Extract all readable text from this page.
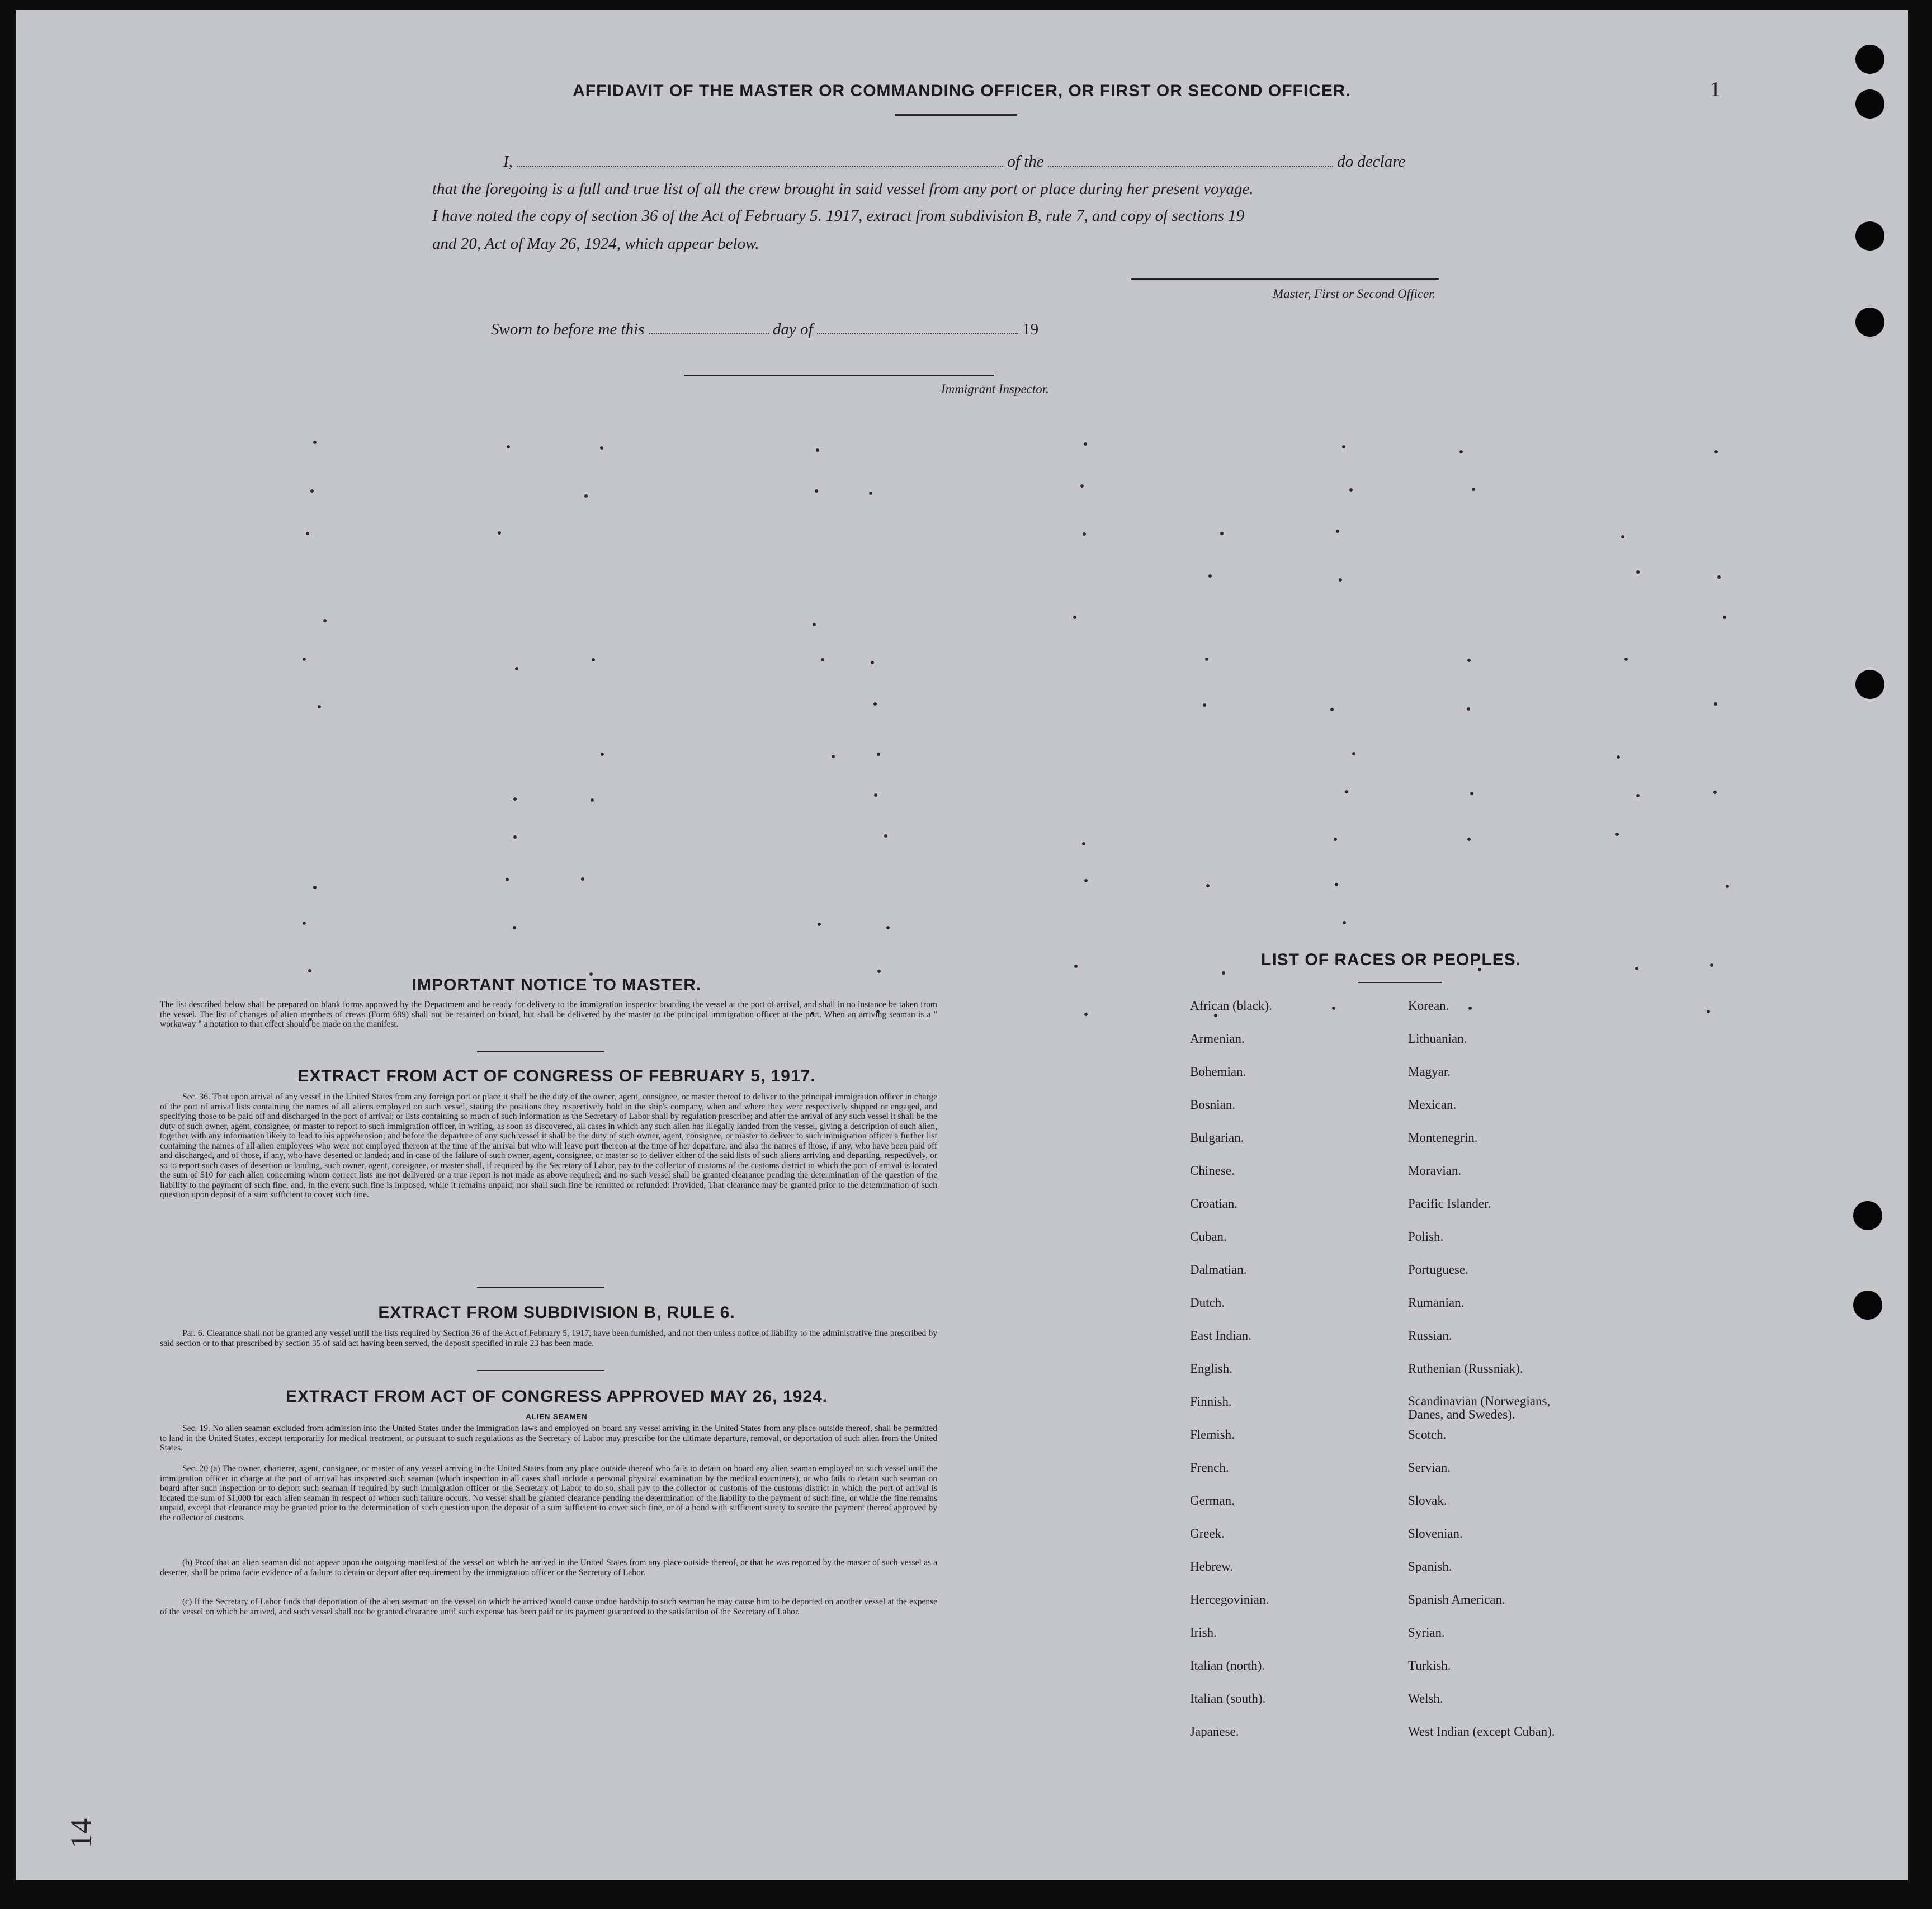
1
14
AFFIDAVIT OF THE MASTER OR COMMANDING OFFICER, OR FIRST OR SECOND OFFICER.
I,	of the	do declare
that the foregoing is a full and true list of all the crew brought in said vessel from any port or place during her present voyage.
I have noted the copy of section 36 of the Act of February 5. 1917, extract from subdivision B, rule 7, and copy of sections 19
and 20, Act of May 26, 1924, which appear below.
Master, First or Second Officer.
Sworn to before me this	day of	19
Immigrant Inspector.
IMPORTANT NOTICE TO MASTER.
The list described below shall be prepared on blank forms approved by the Department and be ready for delivery to the immigration inspector boarding the vessel at the port of arrival, and shall in no instance be taken from the vessel. The list of changes of alien members of crews (Form 689) shall not be retained on board, but shall be delivered by the master to the principal immigration officer at the port. When an arriving seaman is a " workaway " a notation to that effect should be made on the manifest.
EXTRACT FROM ACT OF CONGRESS OF FEBRUARY 5, 1917.
Sec. 36. That upon arrival of any vessel in the United States from any foreign port or place it shall be the duty of the owner, agent, consignee, or master thereof to deliver to the principal immigration officer in charge of the port of arrival lists containing the names of all aliens employed on such vessel, stating the positions they respectively hold in the ship's company, when and where they were respectively shipped or engaged, and specifying those to be paid off and discharged in the port of arrival; or lists containing so much of such information as the Secretary of Labor shall by regulation prescribe; and after the arrival of any such vessel it shall be the duty of such owner, agent, consignee, or master to report to such immigration officer, in writing, as soon as discovered, all cases in which any such alien has illegally landed from the vessel, giving a description of such alien, together with any information likely to lead to his apprehension; and before the departure of any such vessel it shall be the duty of such owner, agent, consignee, or master to deliver to such immigration officer a further list containing the names of all alien employees who were not employed thereon at the time of the arrival but who will leave port thereon at the time of her departure, and also the names of those, if any, who have been paid off and discharged, and of those, if any, who have deserted or landed; and in case of the failure of such owner, agent, consignee, or master so to deliver either of the said lists of such aliens arriving and departing, respectively, or so to report such cases of desertion or landing, such owner, agent, consignee, or master shall, if required by the Secretary of Labor, pay to the collector of customs of the customs district in which the port of arrival is located the sum of $10 for each alien concerning whom correct lists are not delivered or a true report is not made as above required; and no such vessel shall be granted clearance pending the determination of the question of the liability to the payment of such fine, and, in the event such fine is imposed, while it remains unpaid; nor shall such fine be remitted or refunded: Provided, That clearance may be granted prior to the determination of such question upon deposit of a sum sufficient to cover such fine.
EXTRACT FROM SUBDIVISION B, RULE 6.
Par. 6. Clearance shall not be granted any vessel until the lists required by Section 36 of the Act of February 5, 1917, have been furnished, and not then unless notice of liability to the administrative fine prescribed by said section or to that prescribed by section 35 of said act having been served, the deposit specified in rule 23 has been made.
EXTRACT FROM ACT OF CONGRESS APPROVED MAY 26, 1924.
ALIEN SEAMEN
Sec. 19. No alien seaman excluded from admission into the United States under the immigration laws and employed on board any vessel arriving in the United States from any place outside thereof, shall be permitted to land in the United States, except temporarily for medical treatment, or pursuant to such regulations as the Secretary of Labor may prescribe for the ultimate departure, removal, or deportation of such alien from the United States.
Sec. 20 (a) The owner, charterer, agent, consignee, or master of any vessel arriving in the United States from any place outside thereof who fails to detain on board any alien seaman employed on such vessel until the immigration officer in charge at the port of arrival has inspected such seaman (which inspection in all cases shall include a personal physical examination by the medical examiners), or who fails to detain such seaman on board after such inspection or to deport such seaman if required by such immigration officer or the Secretary of Labor to do so, shall pay to the collector of customs of the customs district in which the port of arrival is located the sum of $1,000 for each alien seaman in respect of whom such failure occurs. No vessel shall be granted clearance pending the determination of the liability to the payment of such fine, or while the fine remains unpaid, except that clearance may be granted prior to the determination of such question upon the deposit of a sum sufficient to cover such fine, or of a bond with sufficient surety to secure the payment thereof approved by the collector of customs.
(b) Proof that an alien seaman did not appear upon the outgoing manifest of the vessel on which he arrived in the United States from any place outside thereof, or that he was reported by the master of such vessel as a deserter, shall be prima facie evidence of a failure to detain or deport after requirement by the immigration officer or the Secretary of Labor.
(c) If the Secretary of Labor finds that deportation of the alien seaman on the vessel on which he arrived would cause undue hardship to such seaman he may cause him to be deported on another vessel at the expense of the vessel on which he arrived, and such vessel shall not be granted clearance until such expense has been paid or its payment guaranteed to the satisfaction of the Secretary of Labor.
LIST OF RACES OR PEOPLES.
African (black).
Armenian.
Bohemian.
Bosnian.
Bulgarian.
Chinese.
Croatian.
Cuban.
Dalmatian.
Dutch.
East Indian.
English.
Finnish.
Flemish.
French.
German.
Greek.
Hebrew.
Hercegovinian.
Irish.
Italian (north).
Italian (south).
Japanese.
Korean.
Lithuanian.
Magyar.
Mexican.
Montenegrin.
Moravian.
Pacific Islander.
Polish.
Portuguese.
Rumanian.
Russian.
Ruthenian (Russniak).
Scandinavian (Norwegians, Danes, and Swedes).
Scotch.
Servian.
Slovak.
Slovenian.
Spanish.
Spanish American.
Syrian.
Turkish.
Welsh.
West Indian (except Cuban).
